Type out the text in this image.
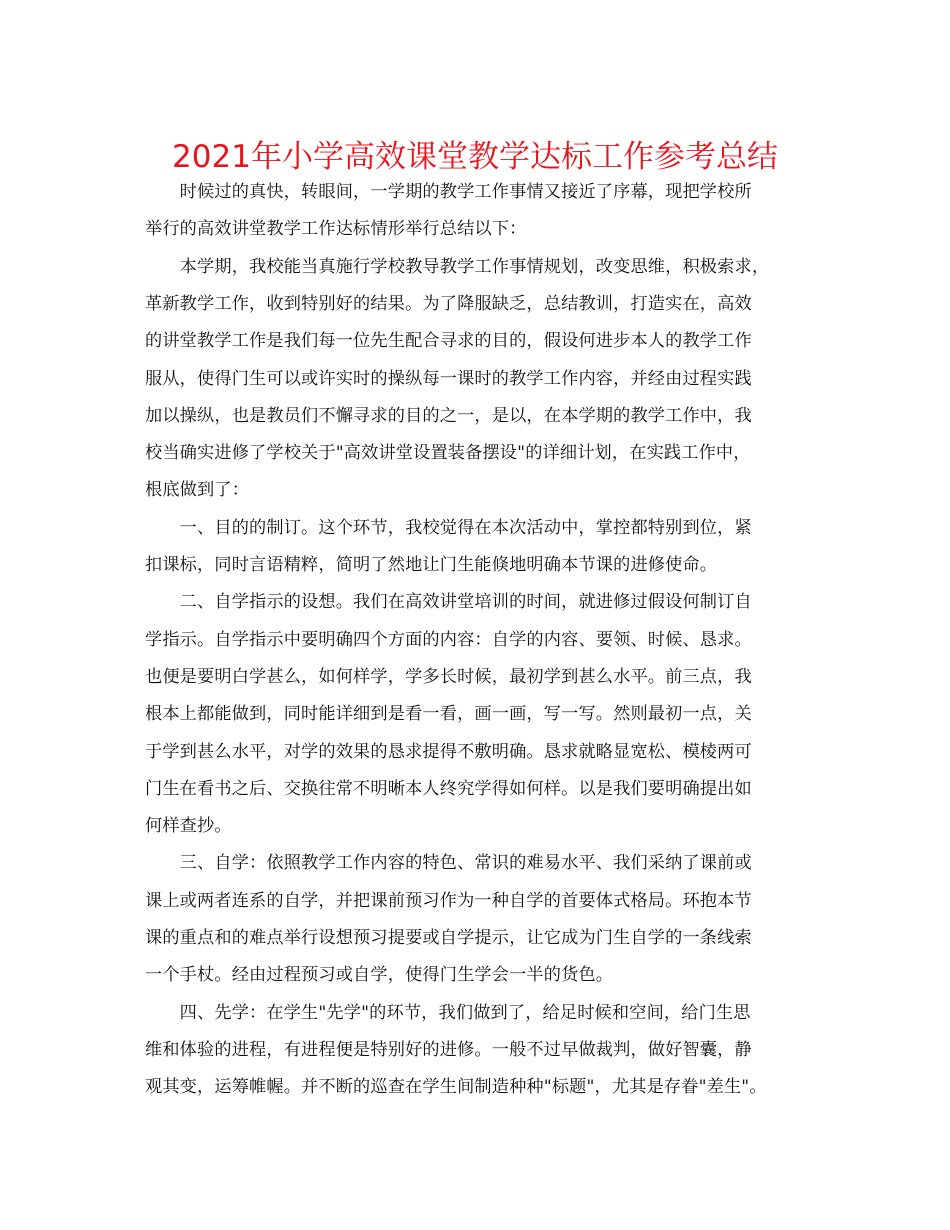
2021年小学高效课堂教学达标工作参考总结
　　时候过的真快，转眼间，一学期的教学工作事情又接近了序幕，现把学校所
举行的高效讲堂教学工作达标情形举行总结以下：
　　本学期，我校能当真施行学校教导教学工作事情规划，改变思维，积极索求，
革新教学工作，收到特别好的结果。为了降服缺乏，总结教训，打造实在，高效
的讲堂教学工作是我们每一位先生配合寻求的目的，假设何进步本人的教学工作
服从，使得门生可以或许实时的操纵每一课时的教学工作内容，并经由过程实践
加以操纵，也是教员们不懈寻求的目的之一，是以，在本学期的教学工作中，我
校当确实进修了学校关于"高效讲堂设置装备摆设"的详细计划，在实践工作中，
根底做到了：
　　一、目的的制订。这个环节，我校觉得在本次活动中，掌控都特别到位，紧
扣课标，同时言语精粹，简明了然地让门生能倏地明确本节课的进修使命。
　　二、自学指示的设想。我们在高效讲堂培训的时间，就进修过假设何制订自
学指示。自学指示中要明确四个方面的内容：自学的内容、要领、时候、恳求。
也便是要明白学甚么，如何样学，学多长时候，最初学到甚么水平。前三点，我
根本上都能做到，同时能详细到是看一看，画一画，写一写。然则最初一点，关
于学到甚么水平，对学的效果的恳求提得不敷明确。恳求就略显宽松、模棱两可
门生在看书之后、交换往常不明晰本人终究学得如何样。以是我们要明确提出如
何样查抄。
　　三、自学：依照教学工作内容的特色、常识的难易水平、我们采纳了课前或
课上或两者连系的自学，并把课前预习作为一种自学的首要体式格局。环抱本节
课的重点和的难点举行设想预习提要或自学提示，让它成为门生自学的一条线索
一个手杖。经由过程预习或自学，使得门生学会一半的货色。
　　四、先学：在学生"先学"的环节，我们做到了，给足时候和空间，给门生思
维和体验的进程，有进程便是特别好的进修。一般不过早做裁判，做好智囊，静
观其变，运筹帷幄。并不断的巡查在学生间制造种种"标题"，尤其是存眷"差生"。
